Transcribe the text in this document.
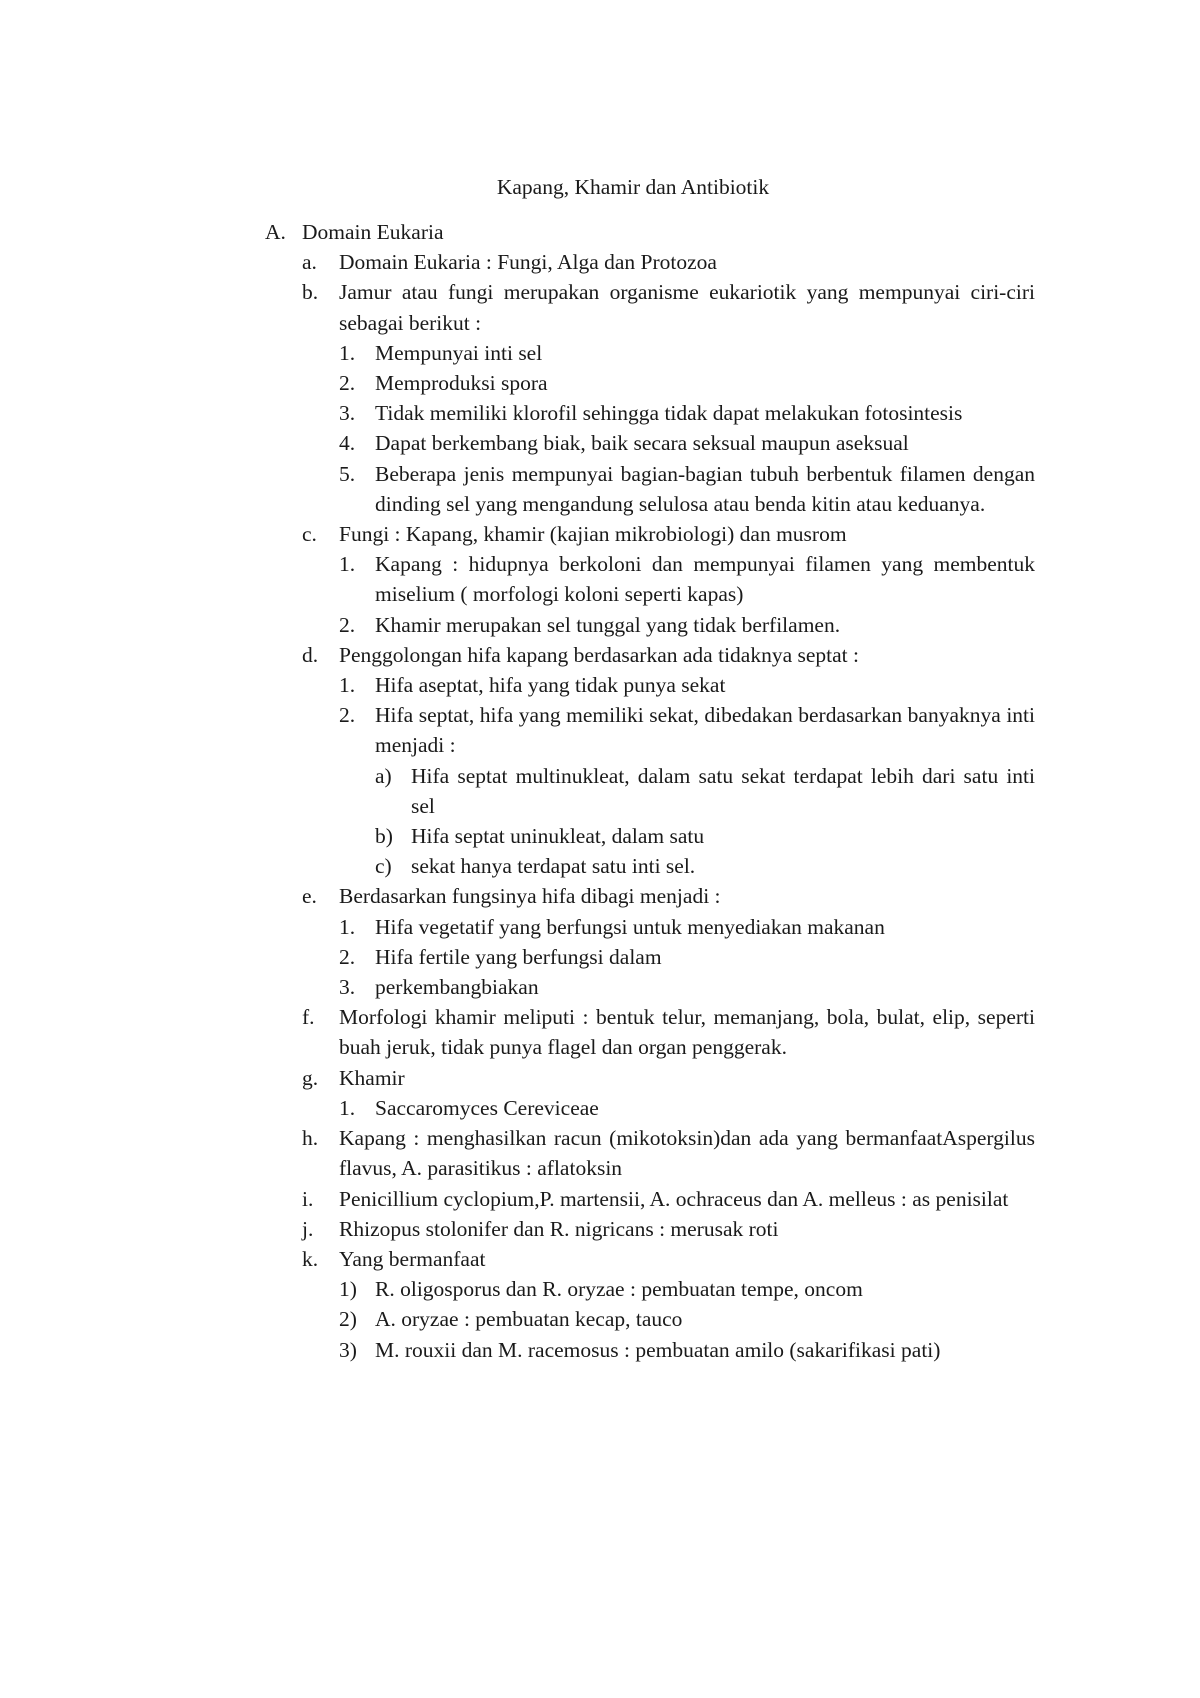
Kapang, Khamir dan Antibiotik
A. Domain Eukaria
a.	Domain Eukaria : Fungi, Alga dan Protozoa
b. Jamur atau fungi merupakan organisme eukariotik yang mempunyai ciri-ciri sebagai berikut :
1. Mempunyai inti sel
2. Memproduksi spora
3. Tidak memiliki klorofil sehingga tidak dapat melakukan fotosintesis
4. Dapat berkembang biak, baik secara seksual maupun aseksual
5. Beberapa jenis mempunyai bagian-bagian tubuh berbentuk filamen dengan dinding sel yang mengandung selulosa atau benda kitin atau keduanya.
c.	Fungi : Kapang, khamir (kajian mikrobiologi) dan musrom
1. Kapang : hidupnya berkoloni dan mempunyai filamen yang membentuk miselium ( morfologi koloni seperti kapas)
2. Khamir merupakan sel tunggal yang tidak berfilamen.
d. Penggolongan hifa kapang berdasarkan ada tidaknya septat :
1. Hifa aseptat, hifa yang tidak punya sekat
2. Hifa septat, hifa yang memiliki sekat, dibedakan berdasarkan banyaknya inti menjadi :
a) Hifa septat multinukleat, dalam satu sekat terdapat lebih dari satu inti sel
b) Hifa septat uninukleat, dalam satu
c) sekat hanya terdapat satu inti sel.
e.	Berdasarkan fungsinya hifa dibagi menjadi :
1. Hifa vegetatif yang berfungsi untuk menyediakan makanan
2. Hifa fertile yang berfungsi dalam
3. perkembangbiakan
f.	Morfologi khamir meliputi : bentuk telur, memanjang, bola, bulat, elip, seperti buah jeruk, tidak punya flagel dan organ penggerak.
g. Khamir
1. Saccaromyces Cereviceae
h. Kapang : menghasilkan racun (mikotoksin)dan ada yang bermanfaatAspergilus flavus, A. parasitikus : aflatoksin
i.	Penicillium cyclopium,P. martensii, A. ochraceus dan A. melleus : as penisilat
j.	Rhizopus stolonifer dan R. nigricans : merusak roti
k. Yang bermanfaat
1) R. oligosporus dan R. oryzae : pembuatan tempe, oncom
2) A. oryzae : pembuatan kecap, tauco
3) M. rouxii dan M. racemosus : pembuatan amilo (sakarifikasi pati)
